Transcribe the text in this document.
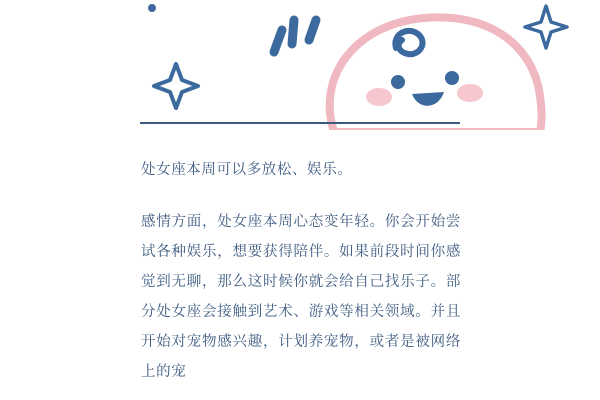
处女座本周可以多放松、娱乐。

感情方面，处女座本周心态变年轻。你会开始尝试各种娱乐，想要获得陪伴。如果前段时间你感觉到无聊，那么这时候你就会给自己找乐子。部分处女座会接触到艺术、游戏等相关领域。并且开始对宠物感兴趣，计划养宠物，或者是被网络上的宠
